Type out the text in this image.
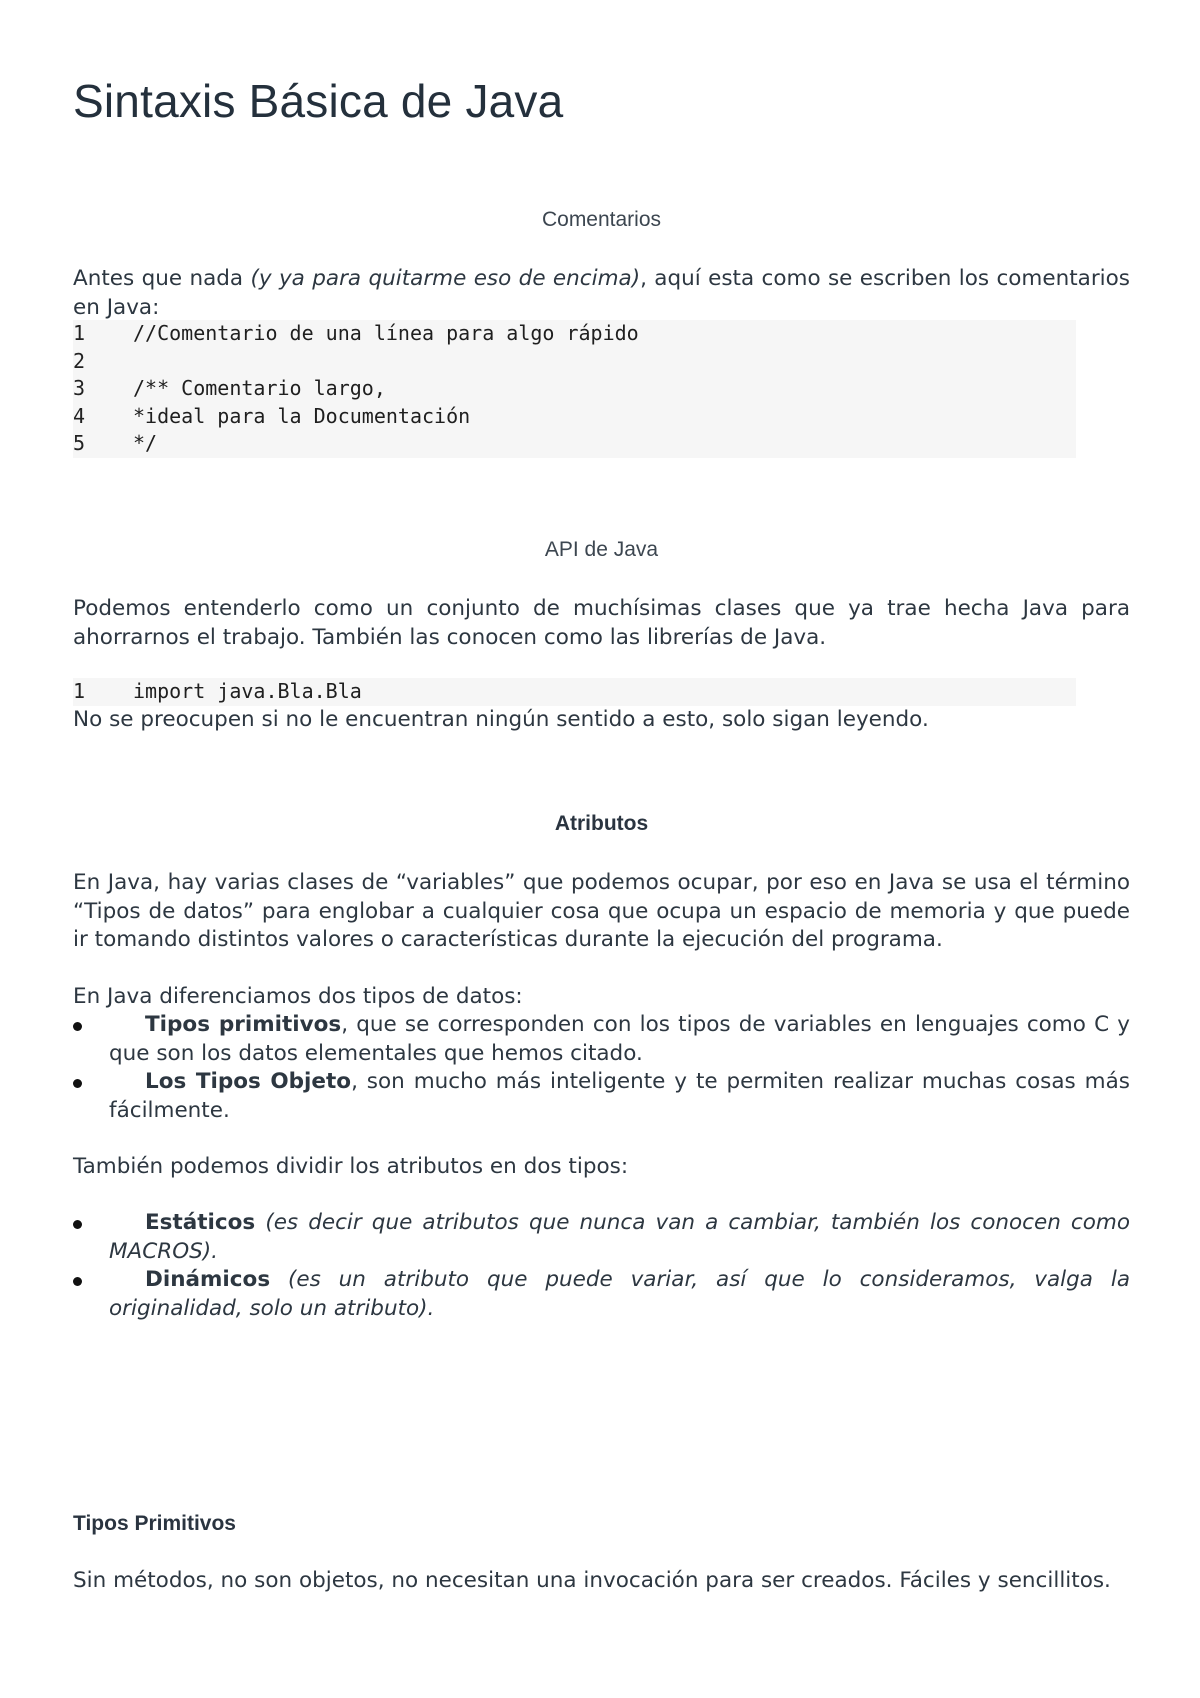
Sintaxis Básica de Java
Comentarios

Antes que nada (y ya para quitarme eso de encima), aquí esta como se escriben los comentarios en Java:

1	//Comentario de una línea para algo rápido
2
3	/** Comentario largo,
4	*ideal para la Documentación
5	*/
API de Java

Podemos entenderlo como un conjunto de muchísimas clases que ya trae hecha Java para ahorrarnos el trabajo. También las conocen como las librerías de Java.

1	import java.Bla.Bla

No se preocupen si no le encuentran ningún sentido a esto, solo sigan leyendo.

Atributos

En Java, hay varias clases de “variables” que podemos ocupar, por eso en Java se usa el término “Tipos de datos” para englobar a cualquier cosa que ocupa un espacio de memoria y que puede ir tomando distintos valores o características durante la ejecución del programa.

En Java diferenciamos dos tipos de datos:

Tipos primitivos, que se corresponden con los tipos de variables en lenguajes como C y que son los datos elementales que hemos citado.
Los Tipos Objeto, son mucho más inteligente y te permiten realizar muchas cosas más fácilmente.

También podemos dividir los atributos en dos tipos:

Estáticos (es decir que atributos que nunca van a cambiar, también los conocen como MACROS).
Dinámicos (es un atributo que puede variar, así que lo consideramos, valga la originalidad, solo un atributo).
Tipos Primitivos

Sin métodos, no son objetos, no necesitan una invocación para ser creados. Fáciles y sencillitos.
